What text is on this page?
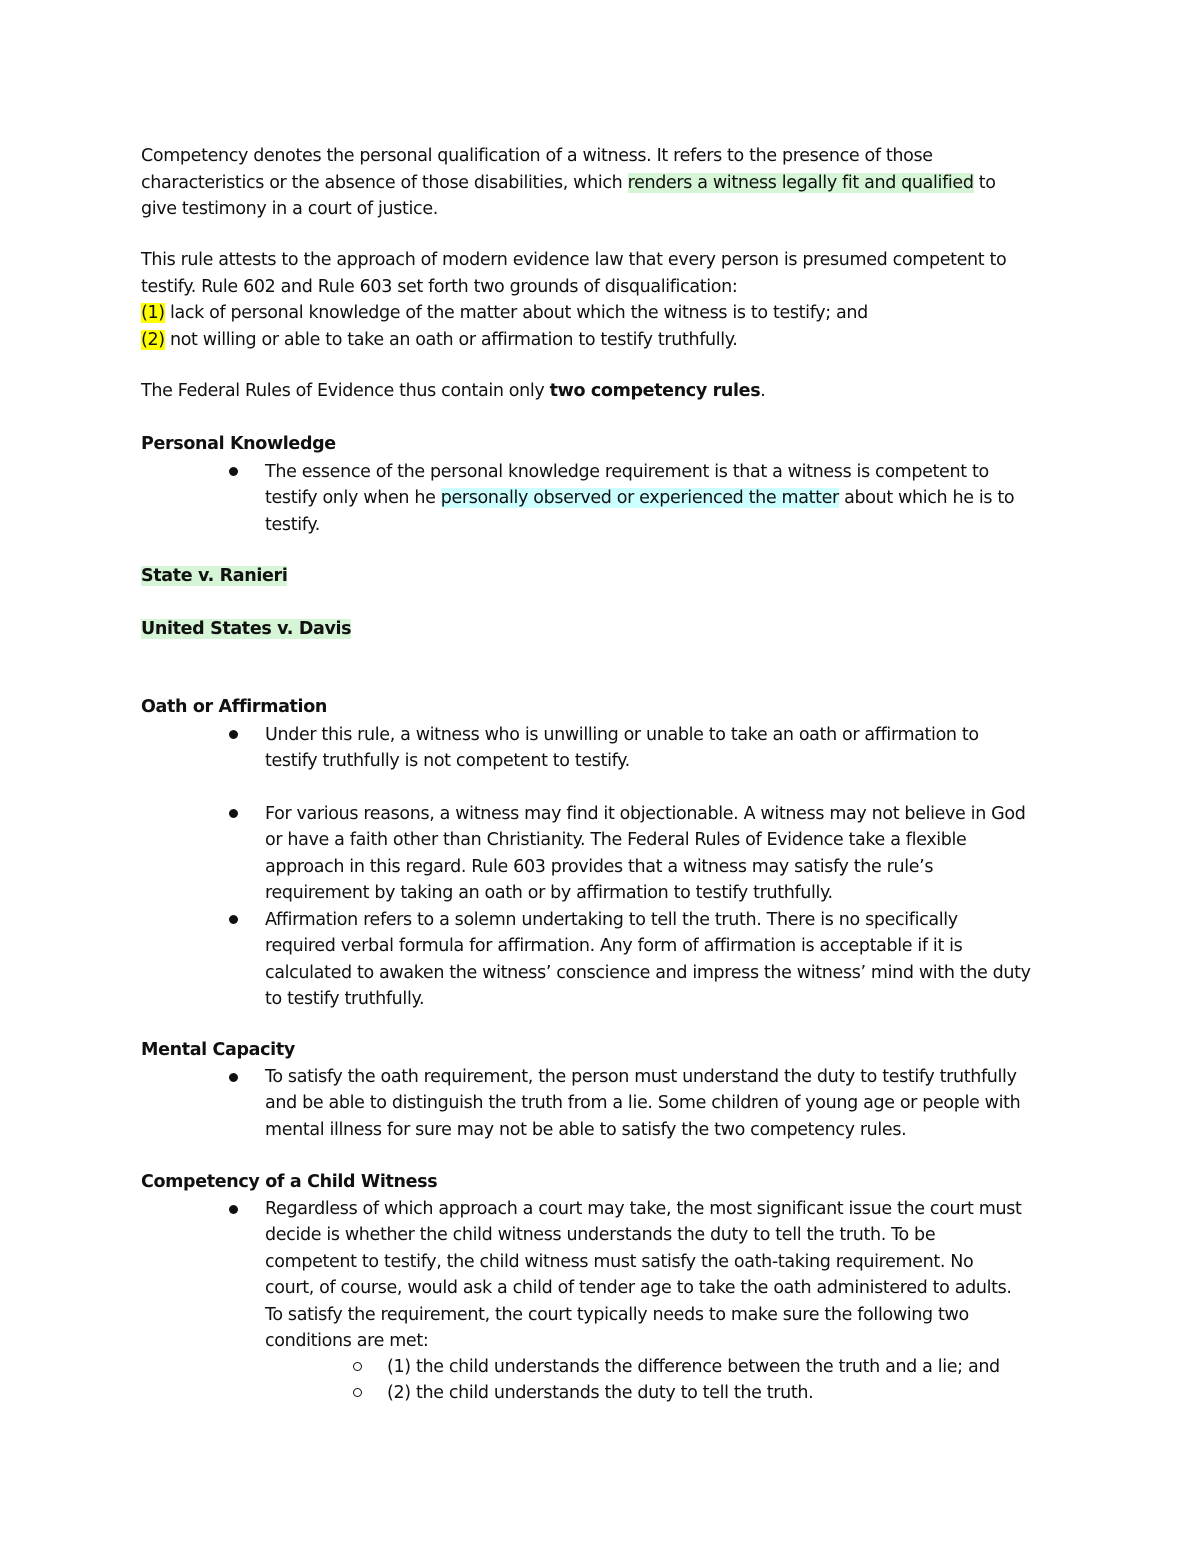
Competency denotes the personal qualification of a witness. It refers to the presence of those
characteristics or the absence of those disabilities, which renders a witness legally fit and qualified to
give testimony in a court of justice.

This rule attests to the approach of modern evidence law that every person is presumed competent to
testify. Rule 602 and Rule 603 set forth two grounds of disqualification:
(1) lack of personal knowledge of the matter about which the witness is to testify; and
(2) not willing or able to take an oath or affirmation to testify truthfully.

The Federal Rules of Evidence thus contain only two competency rules.

Personal Knowledge

The essence of the personal knowledge requirement is that a witness is competent to
testify only when he personally observed or experienced the matter about which he is to
testify.

State v. Ranieri

United States v. Davis

Oath or Affirmation

Under this rule, a witness who is unwilling or unable to take an oath or affirmation to
testify truthfully is not competent to testify.

For various reasons, a witness may find it objectionable. A witness may not believe in God
or have a faith other than Christianity. The Federal Rules of Evidence take a flexible
approach in this regard. Rule 603 provides that a witness may satisfy the rule’s
requirement by taking an oath or by affirmation to testify truthfully.

Affirmation refers to a solemn undertaking to tell the truth. There is no specifically
required verbal formula for affirmation. Any form of affirmation is acceptable if it is
calculated to awaken the witness’ conscience and impress the witness’ mind with the duty
to testify truthfully.

Mental Capacity

To satisfy the oath requirement, the person must understand the duty to testify truthfully
and be able to distinguish the truth from a lie. Some children of young age or people with
mental illness for sure may not be able to satisfy the two competency rules.

Competency of a Child Witness

Regardless of which approach a court may take, the most significant issue the court must
decide is whether the child witness understands the duty to tell the truth. To be
competent to testify, the child witness must satisfy the oath-taking requirement. No
court, of course, would ask a child of tender age to take the oath administered to adults.
To satisfy the requirement, the court typically needs to make sure the following two
conditions are met:

(1) the child understands the difference between the truth and a lie; and

(2) the child understands the duty to tell the truth.
